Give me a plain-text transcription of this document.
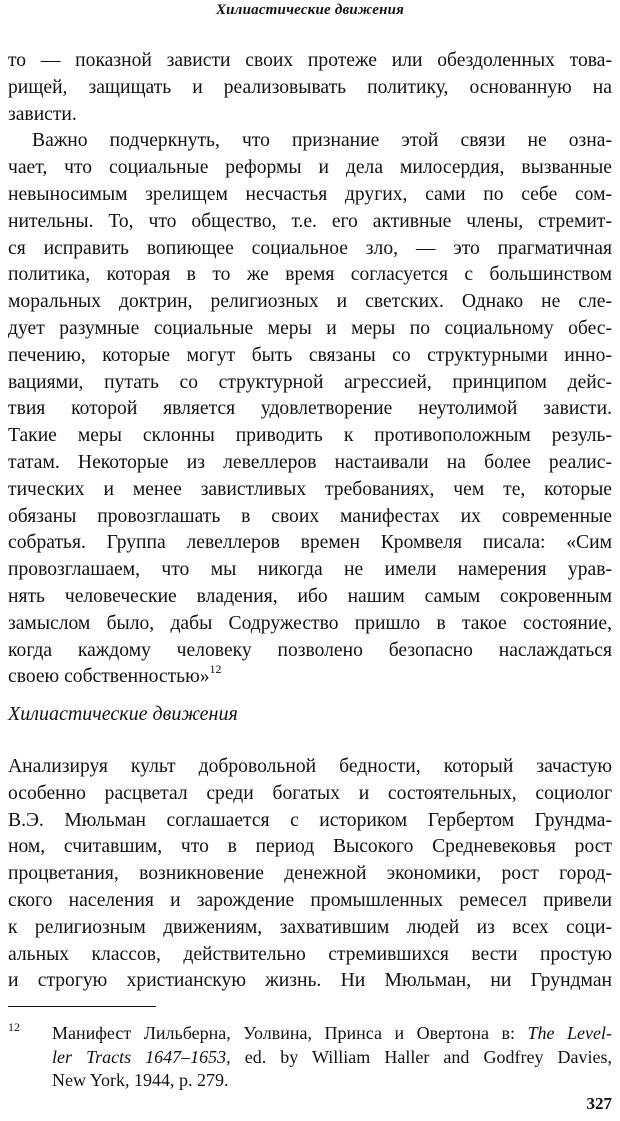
Хилиастические движения
то — показной зависти своих протеже или обездоленных това-
рищей, защищать и реализовывать политику, основанную на
зависти.
Важно подчеркнуть, что признание этой связи не озна-
чает, что социальные реформы и дела милосердия, вызванные
невыносимым зрелищем несчастья других, сами по себе сом-
нительны. То, что общество, т.е. его активные члены, стремит-
ся исправить вопиющее социальное зло, — это прагматичная
политика, которая в то же время согласуется с большинством
моральных доктрин, религиозных и светских. Однако не сле-
дует разумные социальные меры и меры по социальному обес-
печению, которые могут быть связаны со структурными инно-
вациями, путать со структурной агрессией, принципом дейс-
твия которой является удовлетворение неутолимой зависти.
Такие меры склонны приводить к противоположным резуль-
татам. Некоторые из левеллеров настаивали на более реалис-
тических и менее завистливых требованиях, чем те, которые
обязаны провозглашать в своих манифестах их современные
собратья. Группа левеллеров времен Кромвеля писала: «Сим
провозглашаем, что мы никогда не имели намерения урав-
нять человеческие владения, ибо нашим самым сокровенным
замыслом было, дабы Содружество пришло в такое состояние,
когда каждому человеку позволено безопасно наслаждаться
своею собственностью»$^{12}$
Хилиастические движения
Анализируя культ добровольной бедности, который зачастую
особенно расцветал среди богатых и состоятельных, социолог
В.Э. Мюльман соглашается с историком Гербертом Грундма-
ном, считавшим, что в период Высокого Средневековья рост
процветания, возникновение денежной экономики, рост город-
ского населения и зарождение промышленных ремесел привели
к религиозным движениям, захватившим людей из всех соци-
альных классов, действительно стремившихся вести простую
и строгую христианскую жизнь. Ни Мюльман, ни Грундман
12 Манифест Лильберна, Уолвина, Принса и Овертона в: The Level-
ler Tracts 1647–1653, ed. by William Haller and Godfrey Davies,
New York, 1944, p. 279.
327
